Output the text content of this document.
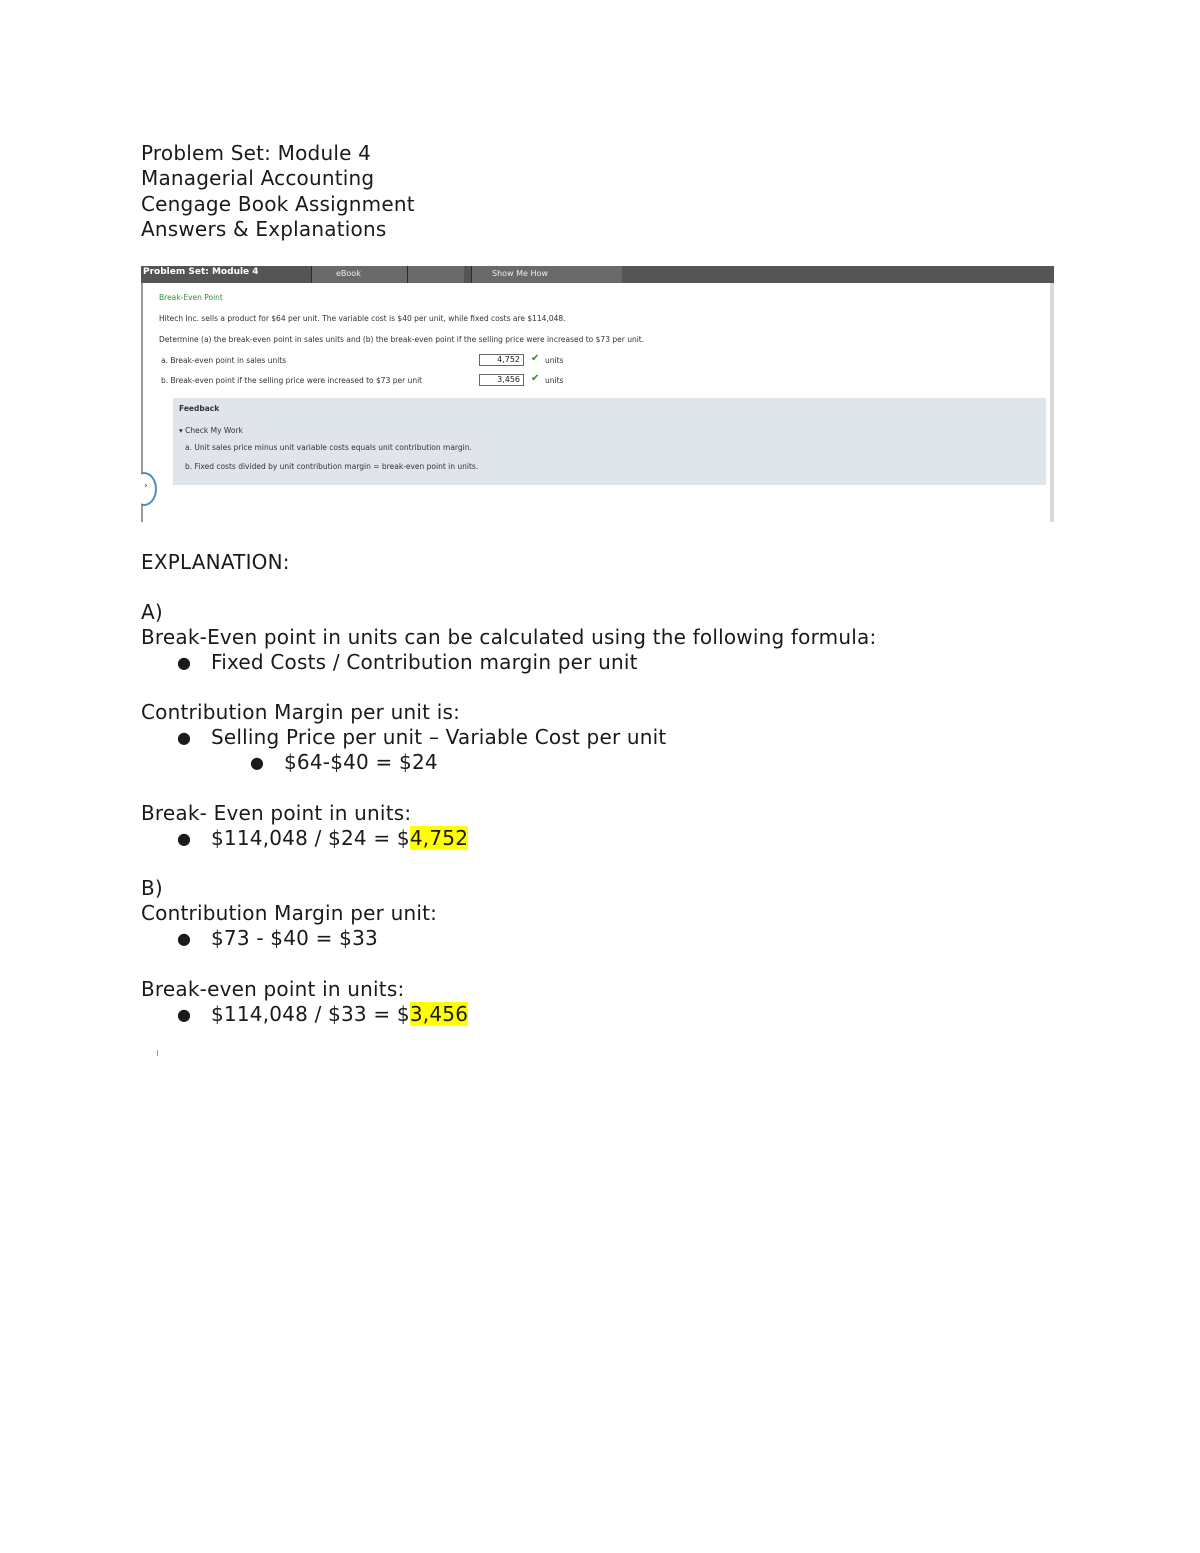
Problem Set: Module 4
Managerial Accounting
Cengage Book Assignment
Answers & Explanations
Problem Set: Module 4	eBook	Show Me How
Break-Even Point
Hitech Inc. sells a product for $64 per unit. The variable cost is $40 per unit, while fixed costs are $114,048.
Determine (a) the break-even point in sales units and (b) the break-even point if the selling price were increased to $73 per unit.
a. Break-even point in sales units	4,752	✔ units
b. Break-even point if the selling price were increased to $73 per unit	3,456	✔ units
Feedback
▾ Check My Work
a. Unit sales price minus unit variable costs equals unit contribution margin.
b. Fixed costs divided by unit contribution margin = break-even point in units.
›
EXPLANATION:
A)
Break-Even point in units can be calculated using the following formula:
● Fixed Costs / Contribution margin per unit
Contribution Margin per unit is:
● Selling Price per unit – Variable Cost per unit
● $64-$40 = $24
Break- Even point in units:
● $114,048 / $24 = $4,752
B)
Contribution Margin per unit:
● $73 - $40 = $33
Break-even point in units:
● $114,048 / $33 = $3,456
